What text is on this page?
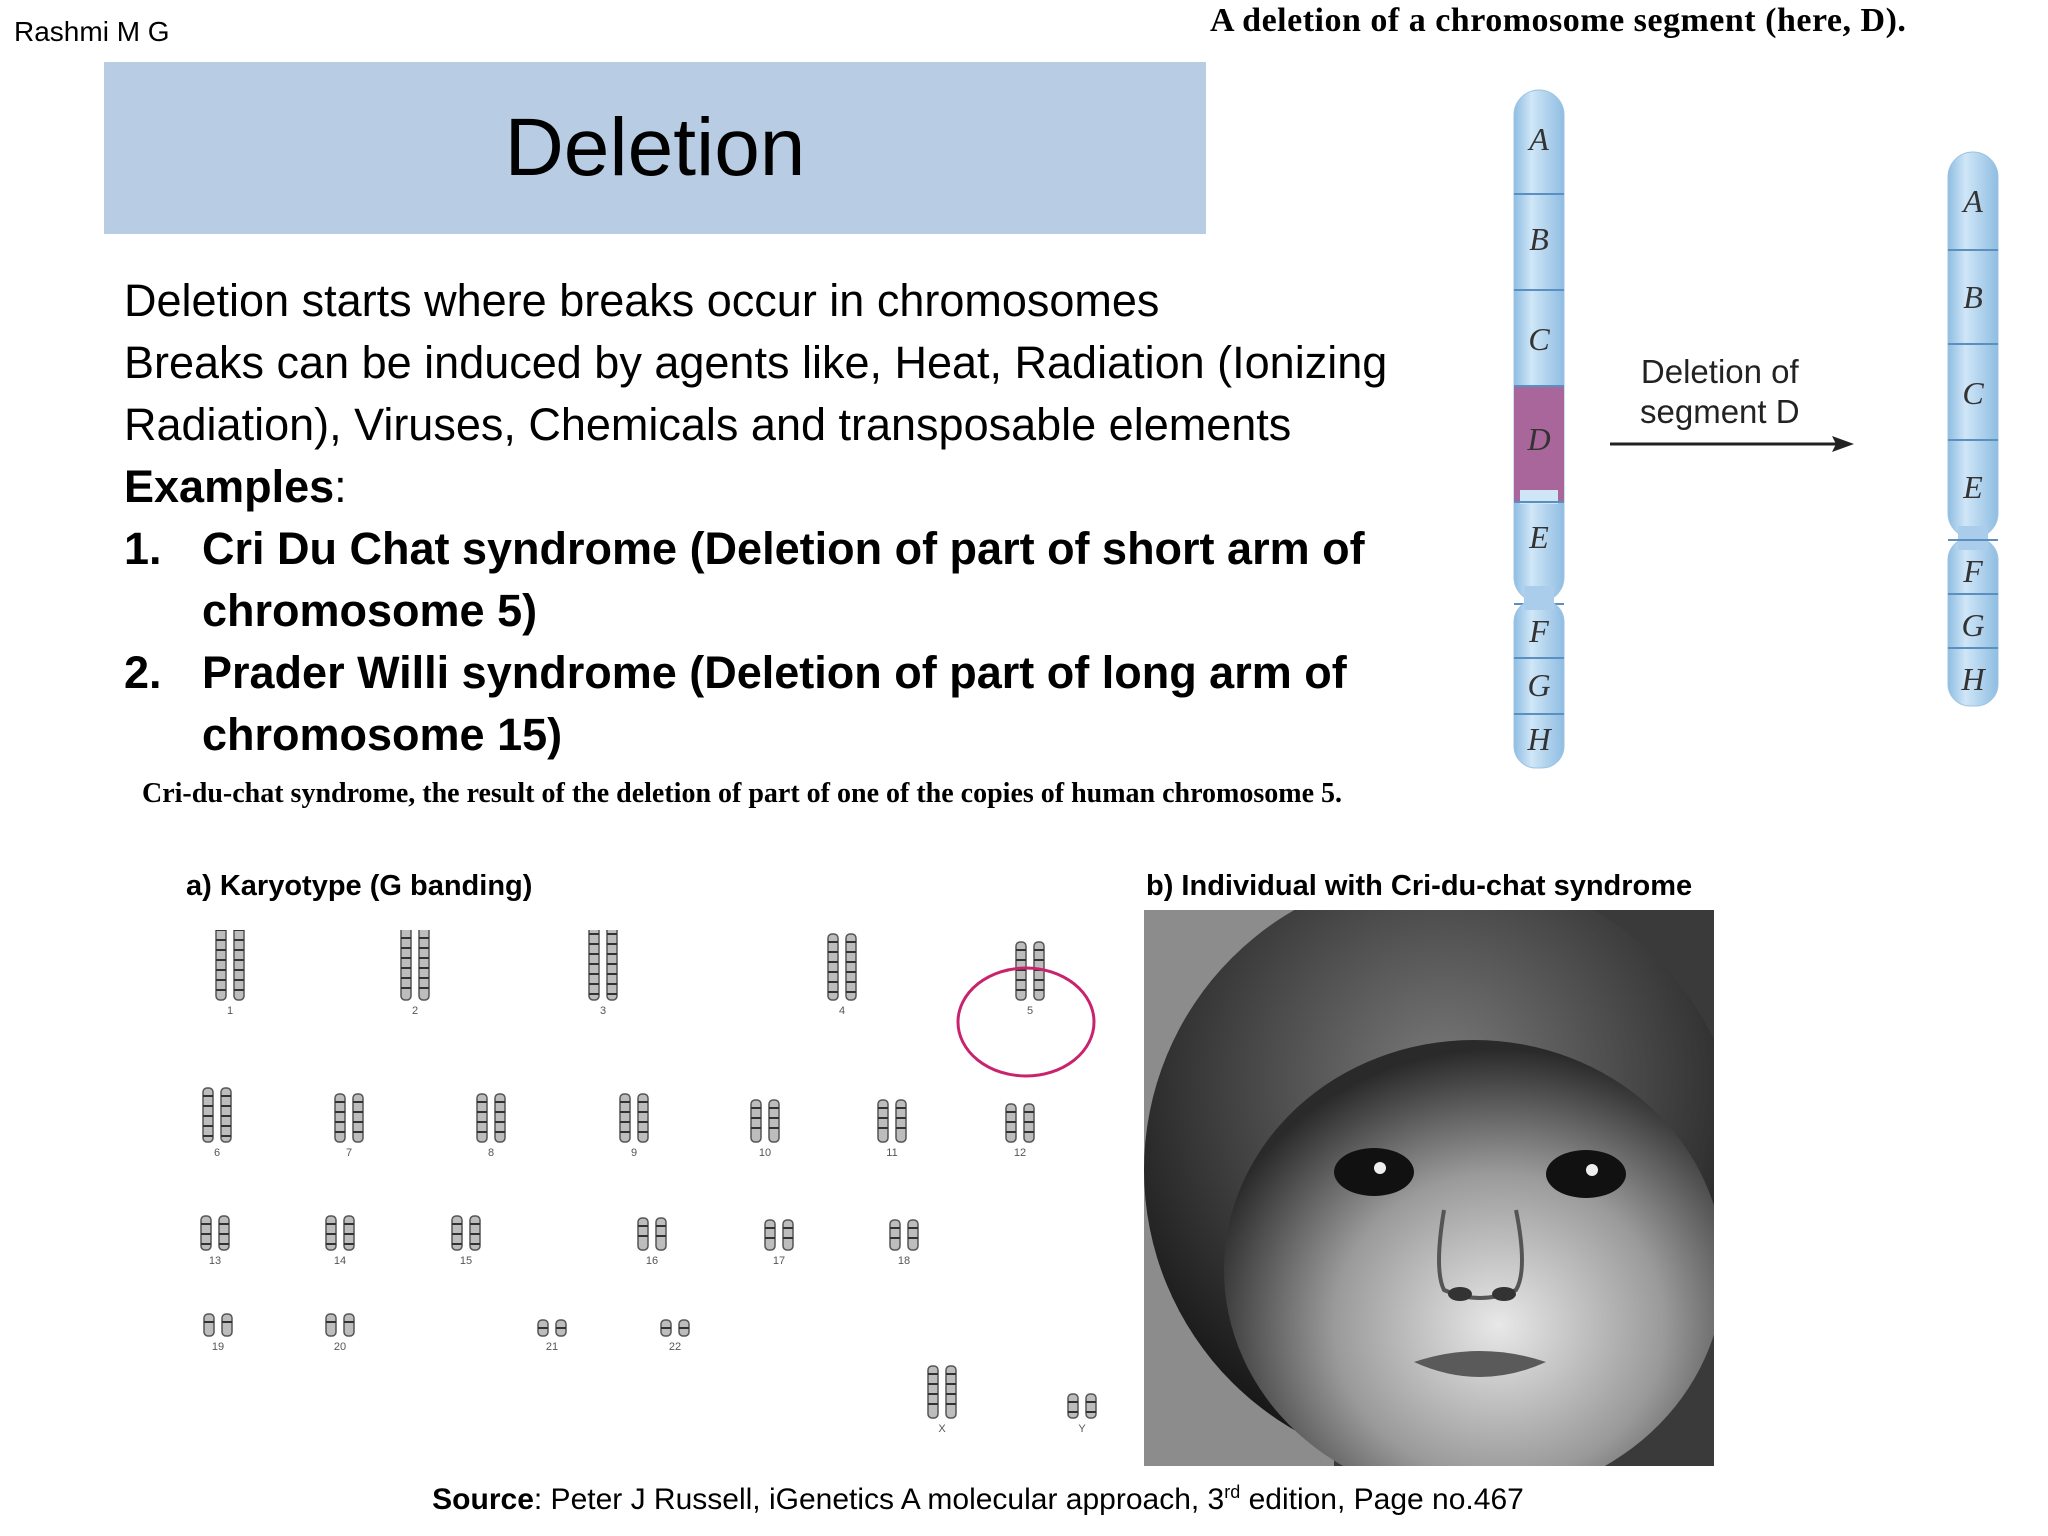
Rashmi M G
Deletion

Deletion starts where breaks occur in chromosomes

Breaks can be induced by agents like, Heat, Radiation (Ionizing Radiation), Viruses, Chemicals and transposable elements

Examples:

1. Cri Du Chat syndrome (Deletion of part of short arm of chromosome 5)
2. Prader Willi syndrome (Deletion of part of long arm of chromosome 15)
A deletion of a chromosome segment (here, D).
A
B
C
D
E
F
G
H
A
B
C
E
F
G
H
Deletion of
segment D
Cri-du-chat syndrome, the result of the deletion of part of one of the copies of human chromosome 5.
a) Karyotype (G banding)	b) Individual with Cri-du-chat syndrome
1	2	3	4	5
6	7	8	9	10	11	12
13	14	15	16	17	18
19	20	21	22
X	Y
Source: Peter J Russell, iGenetics A molecular approach, 3rd edition, Page no.467
